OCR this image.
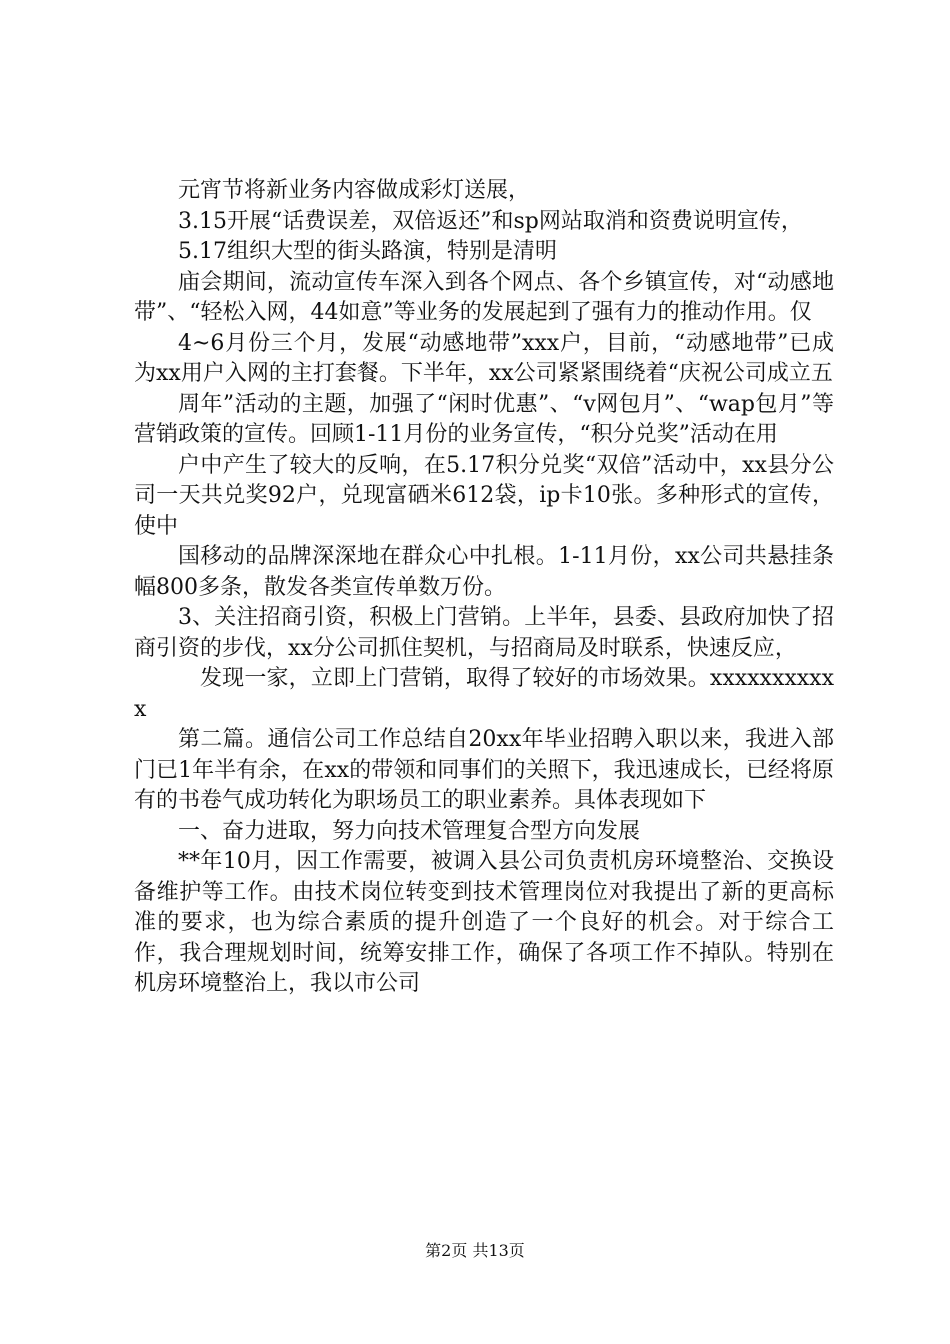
元宵节将新业务内容做成彩灯送展，

3.15开展“话费误差，双倍返还”和sp网站取消和资费说明宣传，

5.17组织大型的街头路演，特别是清明

庙会期间，流动宣传车深入到各个网点、各个乡镇宣传，对“动感地带”、“轻松入网，44如意”等业务的发展起到了强有力的推动作用。仅

4~6月份三个月，发展“动感地带”xxx户，目前，“动感地带”已成为xx用户入网的主打套餐。下半年，xx公司紧紧围绕着“庆祝公司成立五

周年”活动的主题，加强了“闲时优惠”、“v网包月”、“wap包月”等营销政策的宣传。回顾1-11月份的业务宣传，“积分兑奖”活动在用

户中产生了较大的反响，在5.17积分兑奖“双倍”活动中，xx县分公司一天共兑奖92户，兑现富硒米612袋，ip卡10张。多种形式的宣传，使中

国移动的品牌深深地在群众心中扎根。1-11月份，xx公司共悬挂条幅800多条，散发各类宣传单数万份。

3、关注招商引资，积极上门营销。上半年，县委、县政府加快了招商引资的步伐，xx分公司抓住契机，与招商局及时联系，快速反应，

发现一家，立即上门营销，取得了较好的市场效果。xxxxxxxxxxx

第二篇。通信公司工作总结自20xx年毕业招聘入职以来，我进入部门已1年半有余，在xx的带领和同事们的关照下，我迅速成长，已经将原有的书卷气成功转化为职场员工的职业素养。具体表现如下

一、奋力进取，努力向技术管理复合型方向发展

**年10月，因工作需要，被调入县公司负责机房环境整治、交换设备维护等工作。由技术岗位转变到技术管理岗位对我提出了新的更高标准的要求，也为综合素质的提升创造了一个良好的机会。对于综合工作，我合理规划时间，统筹安排工作，确保了各项工作不掉队。特别在机房环境整治上，我以市公司

第2页 共13页
